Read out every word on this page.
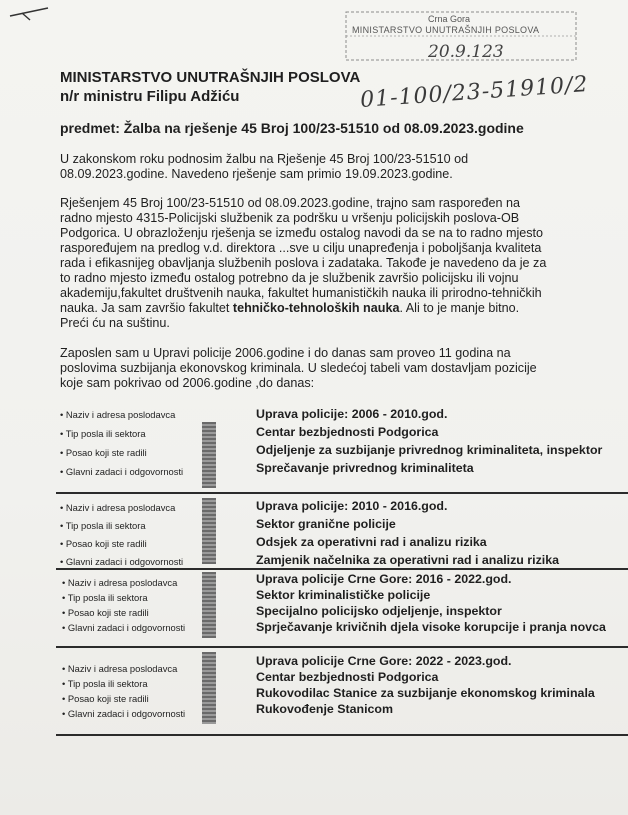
Crna Gora
MINISTARSTVO UNUTRAŠNJIH POSLOVA
20.9.123
01-100/23-51910/2
MINISTARSTVO UNUTRAŠNJIH POSLOVA
n/r ministru Filipu Adžiću
predmet: Žalba na rješenje 45 Broj 100/23-51510 od 08.09.2023.godine
U zakonskom roku podnosim žalbu na Rješenje 45 Broj 100/23-51510 od
08.09.2023.godine. Navedeno rješenje sam primio 19.09.2023.godine.
Rješenjem 45 Broj 100/23-51510 od 08.09.2023.godine, trajno sam raspoređen na
radno mjesto 4315-Policijski službenik za podršku u vršenju policijskih poslova-OB
Podgorica. U obrazloženju rješenja se između ostalog navodi da se na to radno mjesto
raspoređujem na predlog v.d. direktora ...sve u cilju unapređenja i poboljšanja kvaliteta
rada i efikasnijeg obavljanja službenih poslova i zadataka. Takođe je navedeno da je za
to radno mjesto između ostalog potrebno da je službenik završio policijsku ili vojnu
akademiju,fakultet društvenih nauka, fakultet humanističkih nauka ili prirodno-tehničkih
nauka. Ja sam završio fakultet tehničko-tehnoloških nauka. Ali to je manje bitno.
Preći ću na suštinu.
Zaposlen sam u Upravi policije 2006.godine i do danas sam proveo 11 godina na
poslovima suzbijanja ekonovskog kriminala. U sledećoj tabeli vam dostavljam pozicije
koje sam pokrivao od 2006.godine ,do danas:
• Naziv i adresa poslodavca
• Tip posla ili sektora
• Posao koji ste radili
• Glavni zadaci i odgovornosti
Uprava policije: 2006 - 2010.god.
Centar bezbjednosti Podgorica
Odjeljenje za suzbijanje privrednog kriminaliteta, inspektor
Sprečavanje privrednog kriminaliteta
• Naziv i adresa poslodavca
• Tip posla ili sektora
• Posao koji ste radili
• Glavni zadaci i odgovornosti
Uprava policije: 2010 - 2016.god.
Sektor granične policije
Odsjek za operativni rad i analizu rizika
Zamjenik načelnika za operativni rad i analizu rizika
• Naziv i adresa poslodavca
• Tip posla ili sektora
• Posao koji ste radili
• Glavni zadaci i odgovornosti
Uprava policije Crne Gore: 2016 - 2022.god.
Sektor kriminalističke policije
Specijalno policijsko odjeljenje, inspektor
Sprječavanje krivičnih djela visoke korupcije i pranja novca
• Naziv i adresa poslodavca
• Tip posla ili sektora
• Posao koji ste radili
• Glavni zadaci i odgovornosti
Uprava policije Crne Gore: 2022 - 2023.god.
Centar bezbjednosti Podgorica
Rukovodilac Stanice za suzbijanje ekonomskog kriminala
Rukovođenje Stanicom
